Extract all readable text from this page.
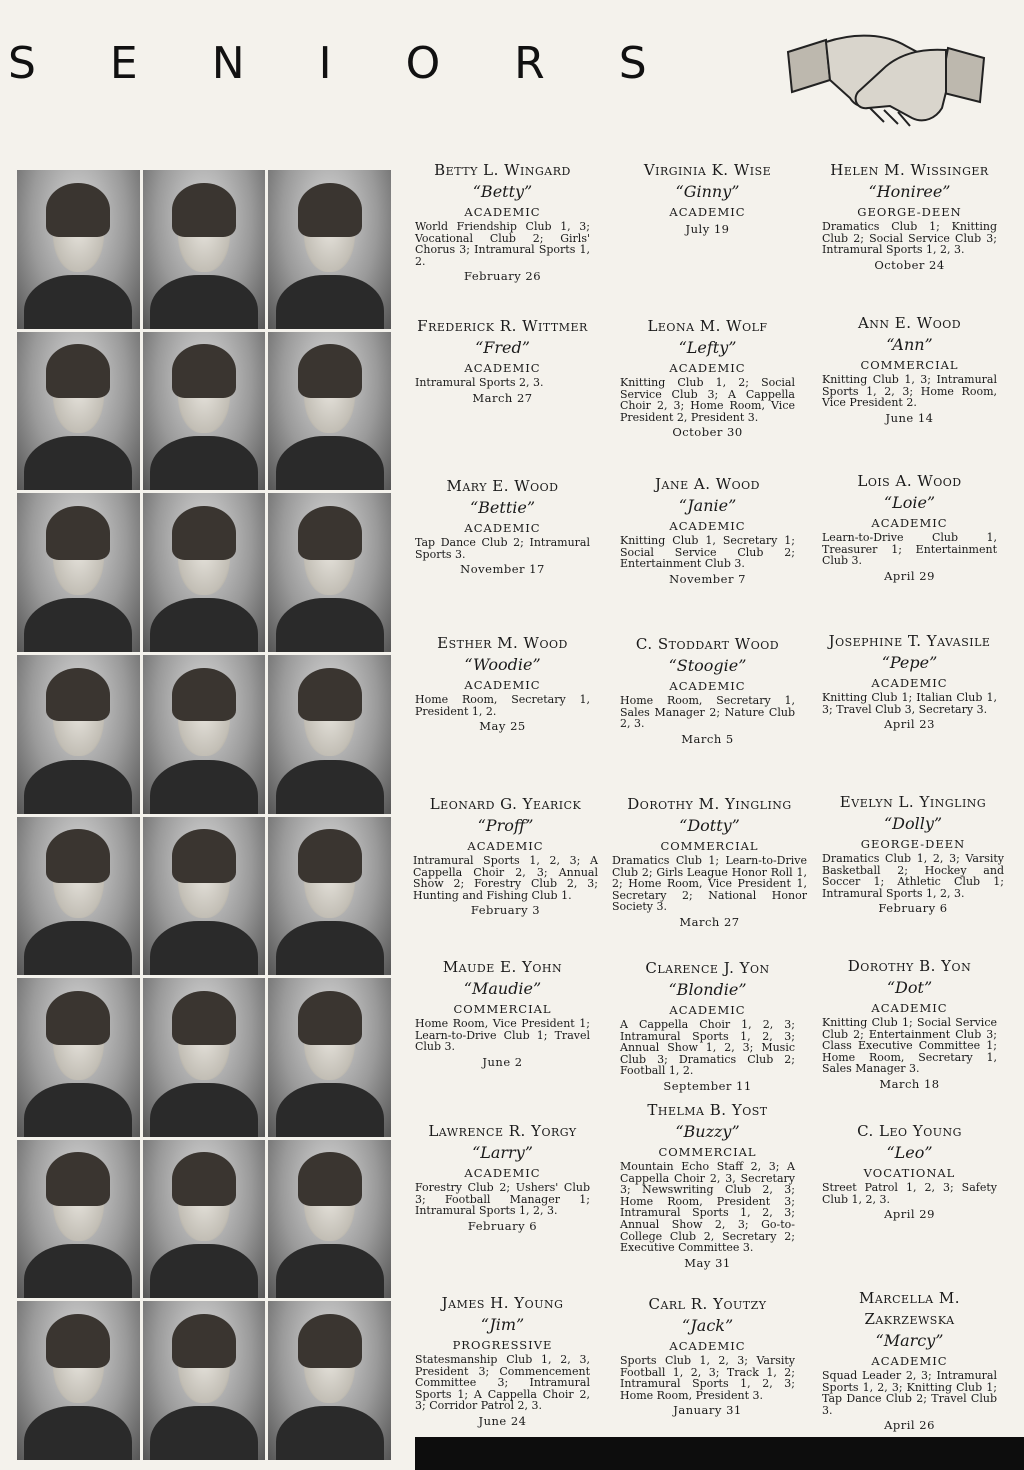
S E N I O R S
Betty L. Wingard
“Betty”
ACADEMIC
World Friendship Club 1, 3; Vocational Club 2; Girls' Chorus 3; Intramural Sports 1, 2.
February 26
Virginia K. Wise
“Ginny”
ACADEMIC
July 19
Helen M. Wissinger
“Honiree”
GEORGE-DEEN
Dramatics Club 1; Knitting Club 2; Social Service Club 3; Intramural Sports 1, 2, 3.
October 24
Frederick R. Wittmer
“Fred”
ACADEMIC
Intramural Sports 2, 3.
March 27
Leona M. Wolf
“Lefty”
ACADEMIC
Knitting Club 1, 2; Social Service Club 3; A Cappella Choir 2, 3; Home Room, Vice President 2, President 3.
October 30
Ann E. Wood
“Ann”
COMMERCIAL
Knitting Club 1, 3; Intramural Sports 1, 2, 3; Home Room, Vice President 2.
June 14
Mary E. Wood
“Bettie”
ACADEMIC
Tap Dance Club 2; Intramural Sports 3.
November 17
Jane A. Wood
“Janie”
ACADEMIC
Knitting Club 1, Secretary 1; Social Service Club 2; Entertainment Club 3.
November 7
Lois A. Wood
“Loie”
ACADEMIC
Learn-to-Drive Club 1, Treasurer 1; Entertainment Club 3.
April 29
Esther M. Wood
“Woodie”
ACADEMIC
Home Room, Secretary 1, President 1, 2.
May 25
C. Stoddart Wood
“Stoogie”
ACADEMIC
Home Room, Secretary 1, Sales Manager 2; Nature Club 2, 3.
March 5
Josephine T. Yavasile
“Pepe”
ACADEMIC
Knitting Club 1; Italian Club 1, 3; Travel Club 3, Secretary 3.
April 23
Leonard G. Yearick
“Proff”
ACADEMIC
Intramural Sports 1, 2, 3; A Cappella Choir 2, 3; Annual Show 2; Forestry Club 2, 3; Hunting and Fishing Club 1.
February 3
Dorothy M. Yingling
“Dotty”
COMMERCIAL
Dramatics Club 1; Learn-to-Drive Club 2; Girls League Honor Roll 1, 2; Home Room, Vice President 1, Secretary 2; National Honor Society 3.
March 27
Evelyn L. Yingling
“Dolly”
GEORGE-DEEN
Dramatics Club 1, 2, 3; Varsity Basketball 2; Hockey and Soccer 1; Athletic Club 1; Intramural Sports 1, 2, 3.
February 6
Maude E. Yohn
“Maudie”
COMMERCIAL
Home Room, Vice President 1; Learn-to-Drive Club 1; Travel Club 3.
June 2
Clarence J. Yon
“Blondie”
ACADEMIC
A Cappella Choir 1, 2, 3; Intramural Sports 1, 2, 3; Annual Show 1, 2, 3; Music Club 3; Dramatics Club 2; Football 1, 2.
September 11
Dorothy B. Yon
“Dot”
ACADEMIC
Knitting Club 1; Social Service Club 2; Entertainment Club 3; Class Executive Committee 1; Home Room, Secretary 1, Sales Manager 3.
March 18
Lawrence R. Yorgy
“Larry”
ACADEMIC
Forestry Club 2; Ushers' Club 3; Football Manager 1; Intramural Sports 1, 2, 3.
February 6
Thelma B. Yost
“Buzzy”
COMMERCIAL
Mountain Echo Staff 2, 3; A Cappella Choir 2, 3, Secretary 3; Newswriting Club 2, 3; Home Room, President 3; Intramural Sports 1, 2, 3; Annual Show 2, 3; Go-to-College Club 2, Secretary 2; Executive Committee 3.
May 31
C. Leo Young
“Leo”
VOCATIONAL
Street Patrol 1, 2, 3; Safety Club 1, 2, 3.
April 29
James H. Young
“Jim”
PROGRESSIVE
Statesmanship Club 1, 2, 3, President 3; Commencement Committee 3; Intramural Sports 1; A Cappella Choir 2, 3; Corridor Patrol 2, 3.
June 24
Carl R. Youtzy
“Jack”
ACADEMIC
Sports Club 1, 2, 3; Varsity Football 1, 2, 3; Track 1, 2; Intramural Sports 1, 2, 3; Home Room, President 3.
January 31
Marcella M. Zakrzewska
“Marcy”
ACADEMIC
Squad Leader 2, 3; Intramural Sports 1, 2, 3; Knitting Club 1; Tap Dance Club 2; Travel Club 3.
April 26
